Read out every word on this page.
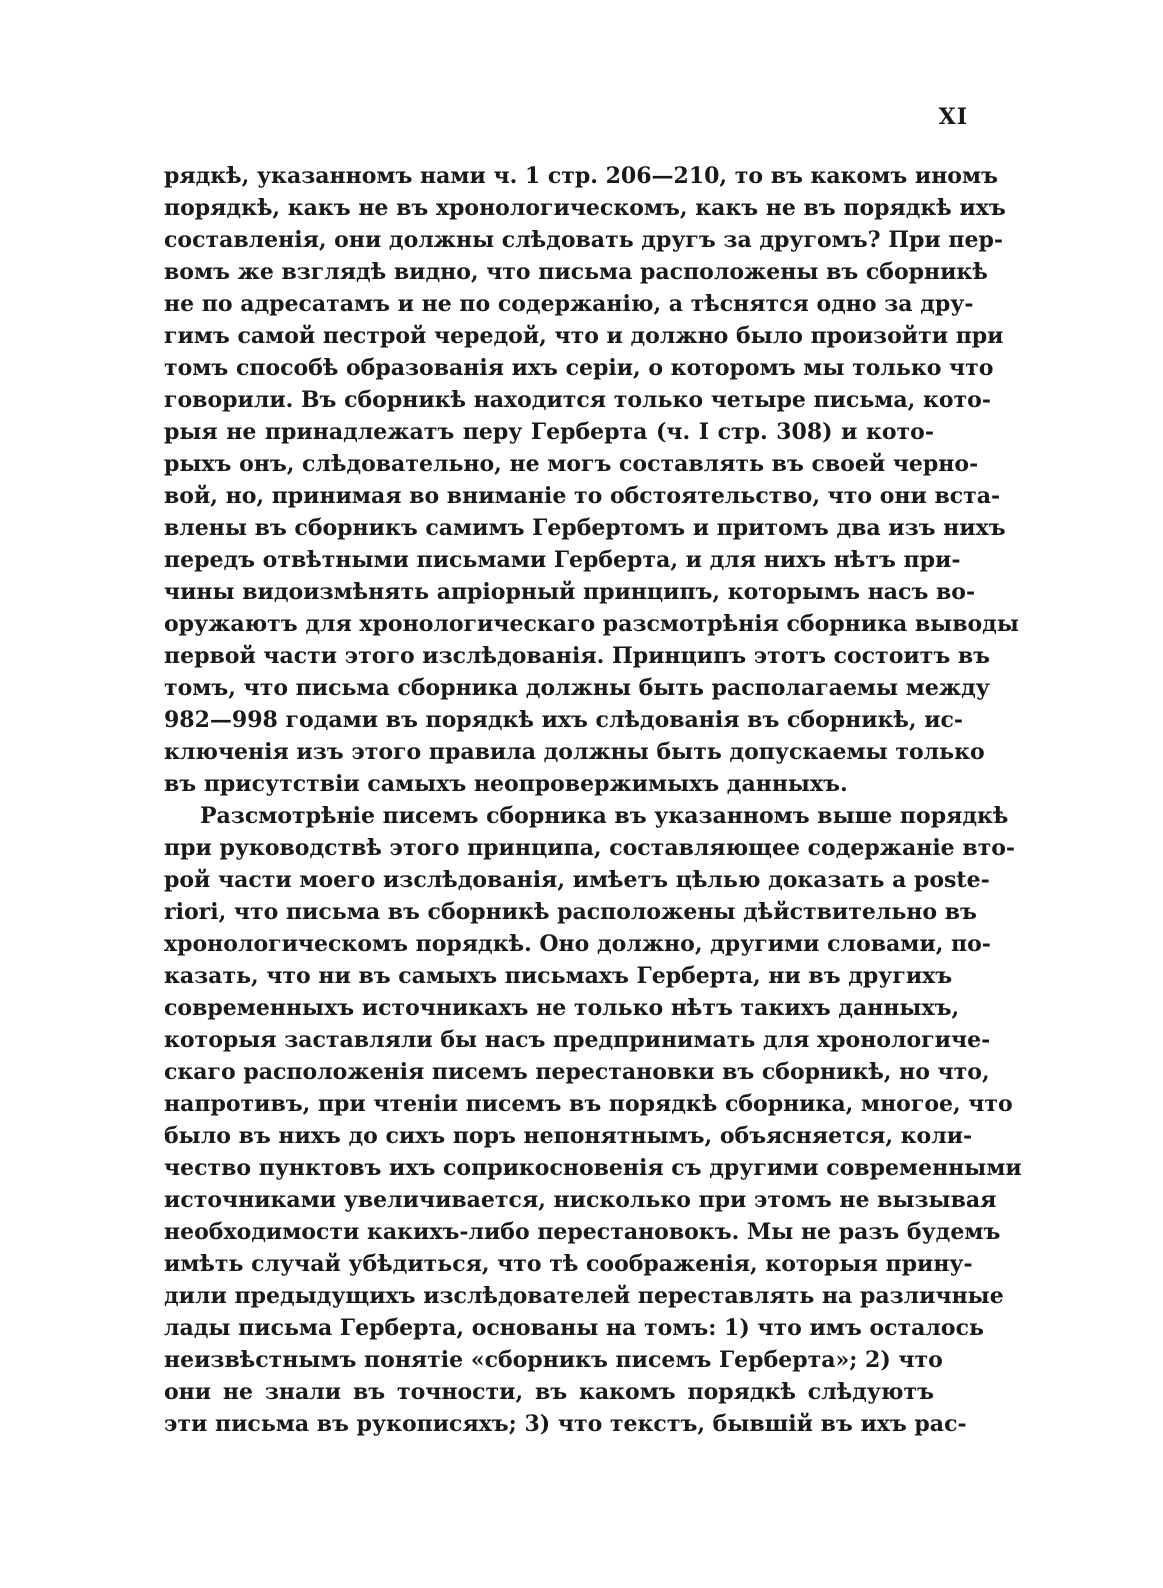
XI
рядкѣ, указанномъ нами ч. 1 стр. 206—210, то въ какомъ иномъ
порядкѣ, какъ не въ хронологическомъ, какъ не въ порядкѣ ихъ
составленія, они должны слѣдовать другъ за другомъ? При пер-
вомъ же взглядѣ видно, что письма расположены въ сборникѣ
не по адресатамъ и не по содержанію, а тѣснятся одно за дру-
гимъ самой пестрой чередой, что и должно было произойти при
томъ способѣ образованія ихъ серіи, о которомъ мы только что
говорили. Въ сборникѣ находится только четыре письма, кото-
рыя не принадлежатъ перу Герберта (ч. I стр. 308) и кото-
рыхъ онъ, слѣдовательно, не могъ составлять въ своей черно-
вой, но, принимая во вниманіе то обстоятельство, что они вста-
влены въ сборникъ самимъ Гербертомъ и притомъ два изъ нихъ
передъ отвѣтными письмами Герберта, и для нихъ нѣтъ при-
чины видоизмѣнять апріорный принципъ, которымъ насъ во-
оружаютъ для хронологическаго разсмотрѣнія сборника выводы
первой части этого изслѣдованія. Принципъ этотъ состоитъ въ
томъ, что письма сборника должны быть располагаемы между
982—998 годами въ порядкѣ ихъ слѣдованія въ сборникѣ, ис-
ключенія изъ этого правила должны быть допускаемы только
въ присутствіи самыхъ неопровержимыхъ данныхъ.
Разсмотрѣніе писемъ сборника въ указанномъ выше порядкѣ
при руководствѣ этого принципа, составляющее содержаніе вто-
рой части моего изслѣдованія, имѣетъ цѣлью доказать a poste-
riori, что письма въ сборникѣ расположены дѣйствительно въ
хронологическомъ порядкѣ. Оно должно, другими словами, по-
казать, что ни въ самыхъ письмахъ Герберта, ни въ другихъ
современныхъ источникахъ не только нѣтъ такихъ данныхъ,
которыя заставляли бы насъ предпринимать для хронологиче-
скаго расположенія писемъ перестановки въ сборникѣ, но что,
напротивъ, при чтеніи писемъ въ порядкѣ сборника, многое, что
было въ нихъ до сихъ поръ непонятнымъ, объясняется, коли-
чество пунктовъ ихъ соприкосновенія съ другими современными
источниками увеличивается, нисколько при этомъ не вызывая
необходимости какихъ-либо перестановокъ. Мы не разъ будемъ
имѣть случай убѣдиться, что тѣ соображенія, которыя прину-
дили предыдущихъ изслѣдователей переставлять на различные
лады письма Герберта, основаны на томъ: 1) что имъ осталось
неизвѣстнымъ понятіе «сборникъ писемъ Герберта»; 2) что
они не знали въ точности, въ какомъ порядкѣ слѣдуютъ
эти письма въ рукописяхъ; 3) что текстъ, бывшій въ ихъ рас-
